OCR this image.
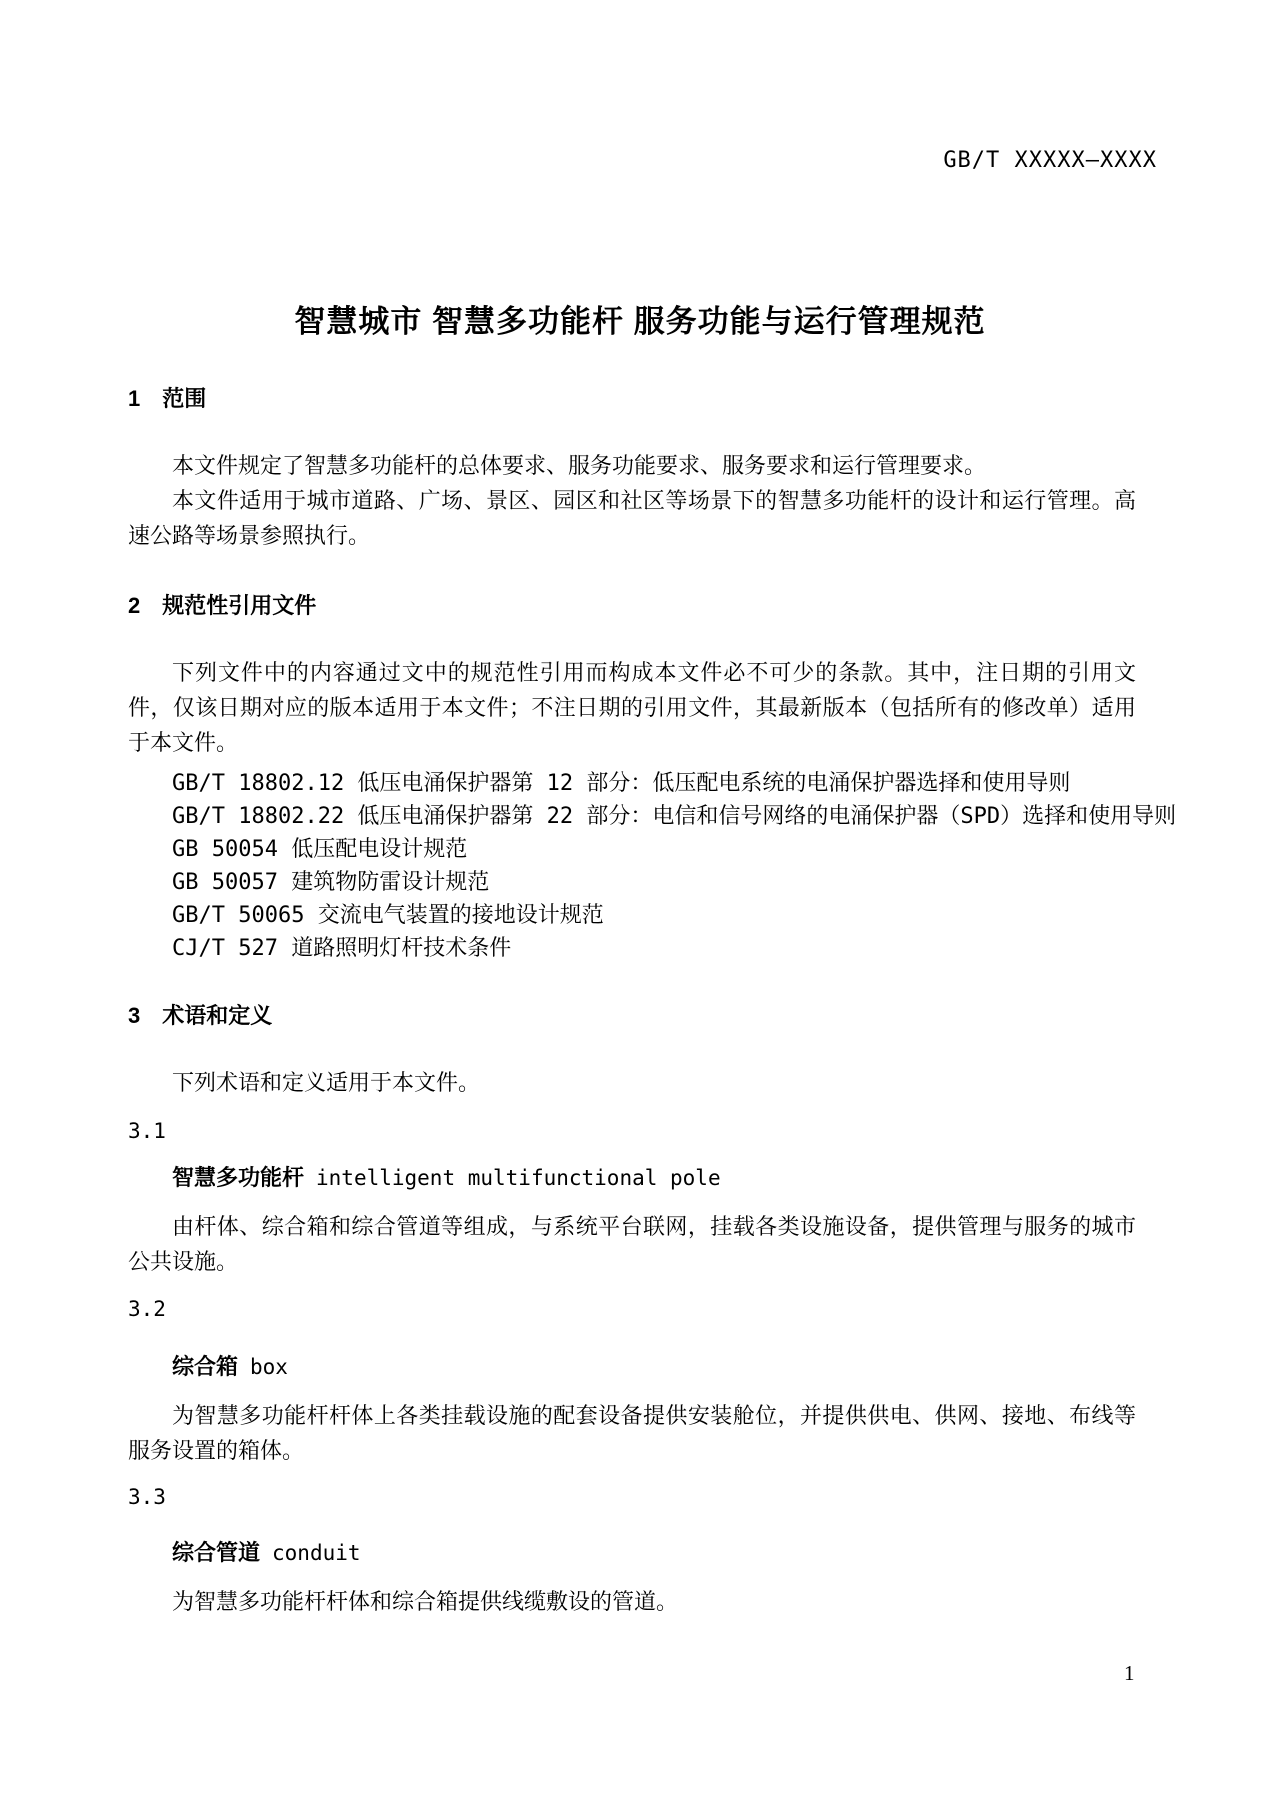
GB/T XXXXX—XXXX
智慧城市 智慧多功能杆 服务功能与运行管理规范
1　范围

本文件规定了智慧多功能杆的总体要求、服务功能要求、服务要求和运行管理要求。

本文件适用于城市道路、广场、景区、园区和社区等场景下的智慧多功能杆的设计和运行管理。高速公路等场景参照执行。

2　规范性引用文件

下列文件中的内容通过文中的规范性引用而构成本文件必不可少的条款。其中，注日期的引用文件，仅该日期对应的版本适用于本文件；不注日期的引用文件，其最新版本（包括所有的修改单）适用于本文件。

GB/T 18802.12 低压电涌保护器第 12 部分：低压配电系统的电涌保护器选择和使用导则

GB/T 18802.22 低压电涌保护器第 22 部分：电信和信号网络的电涌保护器（SPD）选择和使用导则

GB 50054 低压配电设计规范

GB 50057 建筑物防雷设计规范

GB/T 50065 交流电气装置的接地设计规范

CJ/T 527 道路照明灯杆技术条件

3　术语和定义

下列术语和定义适用于本文件。

3.1

智慧多功能杆 intelligent multifunctional pole

由杆体、综合箱和综合管道等组成，与系统平台联网，挂载各类设施设备，提供管理与服务的城市公共设施。

3.2

综合箱 box

为智慧多功能杆杆体上各类挂载设施的配套设备提供安装舱位，并提供供电、供网、接地、布线等服务设置的箱体。

3.3

综合管道 conduit

为智慧多功能杆杆体和综合箱提供线缆敷设的管道。

1
